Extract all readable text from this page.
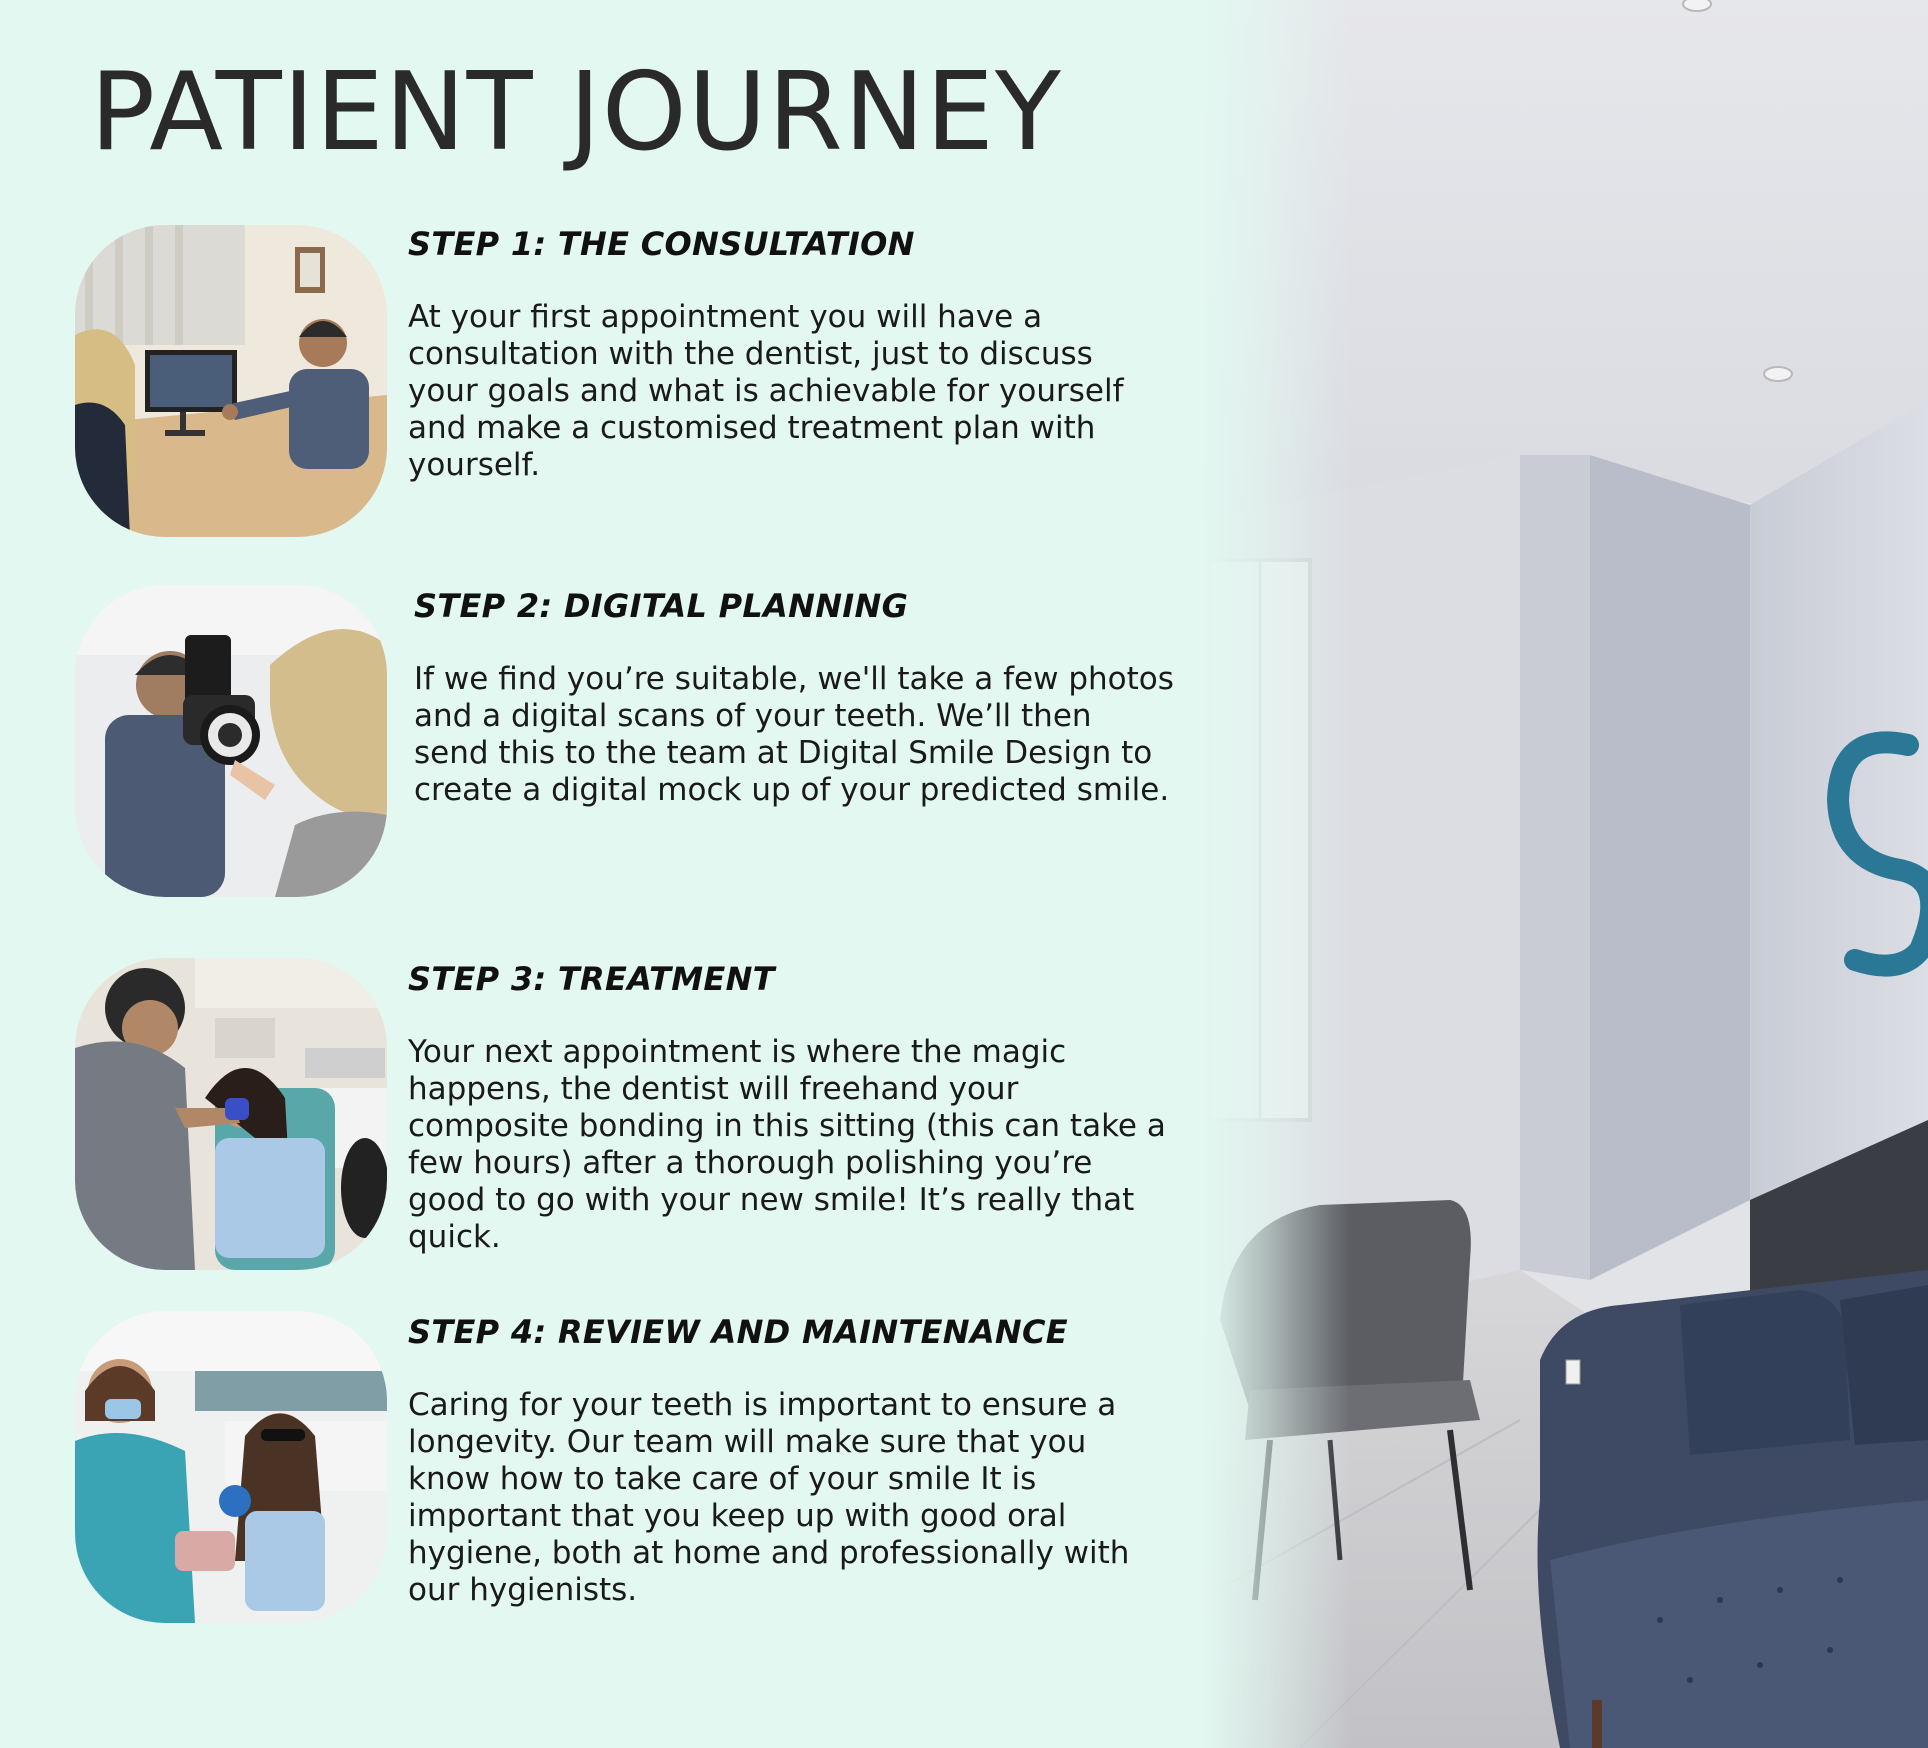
PATIENT JOURNEY
STEP 1: THE CONSULTATION

At your first appointment you will have a consultation with the dentist, just to discuss your goals and what is achievable for yourself and make a customised treatment plan with yourself.

STEP 2: DIGITAL PLANNING

If we find you’re suitable, we'll take a few photos and a digital scans of your teeth. We’ll then send this to the team at Digital Smile Design to create a digital mock up of your predicted smile.

STEP 3: TREATMENT

Your next appointment is where the magic happens, the dentist will freehand your composite bonding in this sitting (this can take a few hours) after a thorough polishing you’re good to go with your new smile! It’s really that quick.

STEP 4: REVIEW AND MAINTENANCE

Caring for your teeth is important to ensure a longevity. Our team will make sure that you know how to take care of your smile It is important that you keep up with good oral hygiene, both at home and professionally with our hygienists.
